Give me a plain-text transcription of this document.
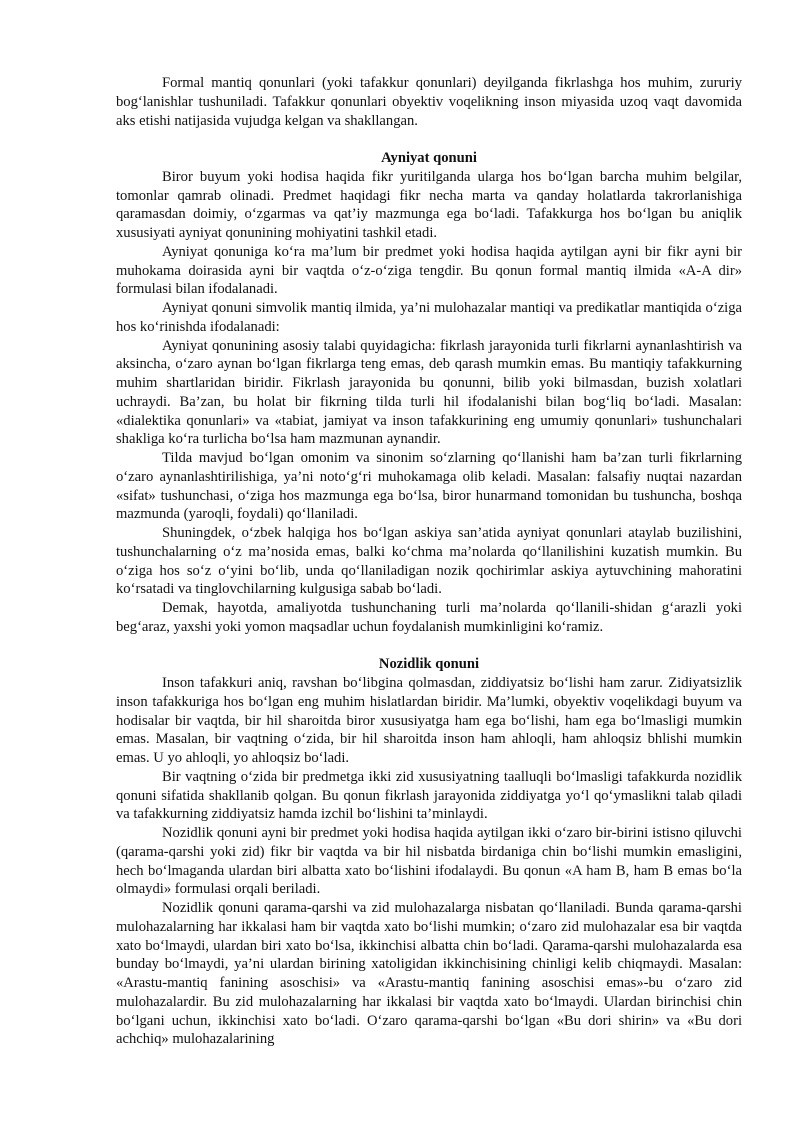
Formal mantiq qonunlari (yoki tafakkur qonunlari) deyilganda fikrlashga hos muhim, zururiy bog‘lanishlar tushuniladi. Tafakkur qonunlari obyektiv voqelikning inson miyasida uzoq vaqt davomida aks etishi natijasida vujudga kelgan va shakllangan.

Ayniyat qonuni

Biror buyum yoki hodisa haqida fikr yuritilganda ularga hos bo‘lgan barcha muhim belgilar, tomonlar qamrab olinadi. Predmet haqidagi fikr necha marta va qanday holatlarda takrorlanishiga qaramasdan doimiy, o‘zgarmas va qat’iy mazmunga ega bo‘ladi. Tafakkurga hos bo‘lgan bu aniqlik xususiyati ayniyat qonunining mohiyatini tashkil etadi.

Ayniyat qonuniga ko‘ra ma’lum bir predmet yoki hodisa haqida aytilgan ayni bir fikr ayni bir muhokama doirasida ayni bir vaqtda o‘z-o‘ziga tengdir. Bu qonun formal mantiq ilmida «A-A dir» formulasi bilan ifodalanadi.

Ayniyat qonuni simvolik mantiq ilmida, ya’ni mulohazalar mantiqi va predikatlar mantiqida o‘ziga hos ko‘rinishda ifodalanadi:

Ayniyat qonunining asosiy talabi quyidagicha: fikrlash jarayonida turli fikrlarni aynanlashtirish va aksincha, o‘zaro aynan bo‘lgan fikrlarga teng emas, deb qarash mumkin emas. Bu mantiqiy tafakkurning muhim shartlaridan biridir. Fikrlash jarayonida bu qonunni, bilib yoki bilmasdan, buzish xolatlari uchraydi. Ba’zan, bu holat bir fikrning tilda turli hil ifodalanishi bilan bog‘liq bo‘ladi. Masalan: «dialektika qonunlari» va «tabiat, jamiyat va inson tafakkurining eng umumiy qonunlari» tushunchalari shakliga ko‘ra turlicha bo‘lsa ham mazmunan aynandir.

Tilda mavjud bo‘lgan omonim va sinonim so‘zlarning qo‘llanishi ham ba’zan turli fikrlarning o‘zaro aynanlashtirilishiga, ya’ni noto‘g‘ri muhokamaga olib keladi. Masalan: falsafiy nuqtai nazardan «sifat» tushunchasi, o‘ziga hos mazmunga ega bo‘lsa, biror hunarmand tomonidan bu tushuncha, boshqa mazmunda (yaroqli, foydali) qo‘llaniladi.

Shuningdek, o‘zbek halqiga hos bo‘lgan askiya san’atida ayniyat qonunlari ataylab buzilishini, tushunchalarning o‘z ma’nosida emas, balki ko‘chma ma’nolarda qo‘llanilishini kuzatish mumkin. Bu o‘ziga hos so‘z o‘yini bo‘lib, unda qo‘llaniladigan nozik qochirimlar askiya aytuvchining mahoratini ko‘rsatadi va tinglovchilarning kulgusiga sabab bo‘ladi.

Demak, hayotda, amaliyotda tushunchaning turli ma’nolarda qo‘llanili-shidan g‘arazli yoki beg‘araz, yaxshi yoki yomon maqsadlar uchun foydalanish mumkinligini ko‘ramiz.

Nozidlik qonuni

Inson tafakkuri aniq, ravshan bo‘libgina qolmasdan, ziddiyatsiz bo‘lishi ham zarur. Zidiyatsizlik inson tafakkuriga hos bo‘lgan eng muhim hislatlardan biridir. Ma’lumki, obyektiv voqelikdagi buyum va hodisalar bir vaqtda, bir hil sharoitda biror xususiyatga ham ega bo‘lishi, ham ega bo‘lmasligi mumkin emas. Masalan, bir vaqtning o‘zida, bir hil sharoitda inson ham ahloqli, ham ahloqsiz bhlishi mumkin emas. U yo ahloqli, yo ahloqsiz bo‘ladi.

Bir vaqtning o‘zida bir predmetga ikki zid xususiyatning taalluqli bo‘lmasligi tafakkurda nozidlik qonuni sifatida shakllanib qolgan. Bu qonun fikrlash jarayonida ziddiyatga yo‘l qo‘ymaslikni talab qiladi va tafakkurning ziddiyatsiz hamda izchil bo‘lishini ta’minlaydi.

Nozidlik qonuni ayni bir predmet yoki hodisa haqida aytilgan ikki o‘zaro bir-birini istisno qiluvchi (qarama-qarshi yoki zid) fikr bir vaqtda va bir hil nisbatda birdaniga chin bo‘lishi mumkin emasligini, hech bo‘lmaganda ulardan biri albatta xato bo‘lishini ifodalaydi. Bu qonun «A ham B, ham B emas bo‘la olmaydi» formulasi orqali beriladi.

Nozidlik qonuni qarama-qarshi va zid mulohazalarga nisbatan qo‘llaniladi. Bunda qarama-qarshi mulohazalarning har ikkalasi ham bir vaqtda xato bo‘lishi mumkin; o‘zaro zid mulohazalar esa bir vaqtda xato bo‘lmaydi, ulardan biri xato bo‘lsa, ikkinchisi albatta chin bo‘ladi. Qarama-qarshi mulohazalarda esa bunday bo‘lmaydi, ya’ni ulardan birining xatoligidan ikkinchisining chinligi kelib chiqmaydi. Masalan: «Arastu-mantiq fanining asoschisi» va «Arastu-mantiq fanining asoschisi emas»-bu o‘zaro zid mulohazalardir. Bu zid mulohazalarning har ikkalasi bir vaqtda xato bo‘lmaydi. Ulardan birinchisi chin bo‘lgani uchun, ikkinchisi xato bo‘ladi. O‘zaro qarama-qarshi bo‘lgan «Bu dori shirin» va «Bu dori achchiq» mulohazalarining
